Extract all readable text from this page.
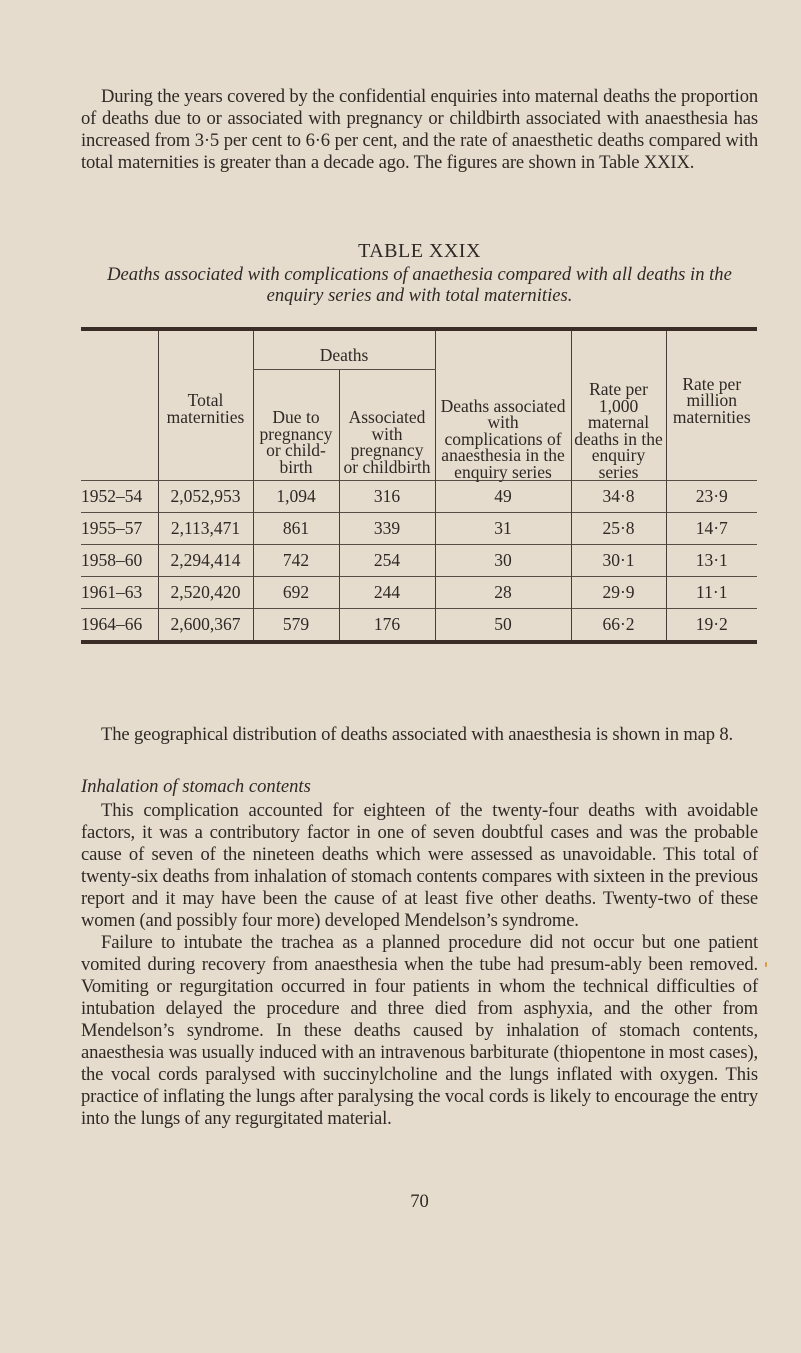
During the years covered by the confidential enquiries into maternal deaths the proportion of deaths due to or associated with pregnancy or childbirth associated with anaesthesia has increased from 3·5 per cent to 6·6 per cent, and the rate of anaesthetic deaths compared with total maternities is greater than a decade ago. The figures are shown in Table XXIX.

TABLE XXIX
Deaths associated with complications of anaethesia compared with all deaths in the enquiry series and with total maternities.
	Total maternities	Deaths		Deaths associated with complications of anaesthesia in the enquiry series	Rate per 1,000 maternal deaths in the enquiry series	Rate per million maternities
		Due to pregnancy or child-birth	Associated with pregnancy or childbirth			
1952–54	2,052,953	1,094	316	49	34·8	23·9
1955–57	2,113,471	861	339	31	25·8	14·7
1958–60	2,294,414	742	254	30	30·1	13·1
1961–63	2,520,420	692	244	28	29·9	11·1
1964–66	2,600,367	579	176	50	66·2	19·2

The geographical distribution of deaths associated with anaesthesia is shown in map 8.

Inhalation of stomach contents

This complication accounted for eighteen of the twenty-four deaths with avoidable factors, it was a contributory factor in one of seven doubtful cases and was the probable cause of seven of the nineteen deaths which were assessed as unavoidable. This total of twenty-six deaths from inhalation of stomach contents compares with sixteen in the previous report and it may have been the cause of at least five other deaths. Twenty-two of these women (and possibly four more) developed Mendelson’s syndrome.

Failure to intubate the trachea as a planned procedure did not occur but one patient vomited during recovery from anaesthesia when the tube had presum-ably been removed. Vomiting or regurgitation occurred in four patients in whom the technical difficulties of intubation delayed the procedure and three died from asphyxia, and the other from Mendelson’s syndrome. In these deaths caused by inhalation of stomach contents, anaesthesia was usually induced with an intravenous barbiturate (thiopentone in most cases), the vocal cords paralysed with succinylcholine and the lungs inflated with oxygen. This practice of inflating the lungs after paralysing the vocal cords is likely to encourage the entry into the lungs of any regurgitated material.

70
